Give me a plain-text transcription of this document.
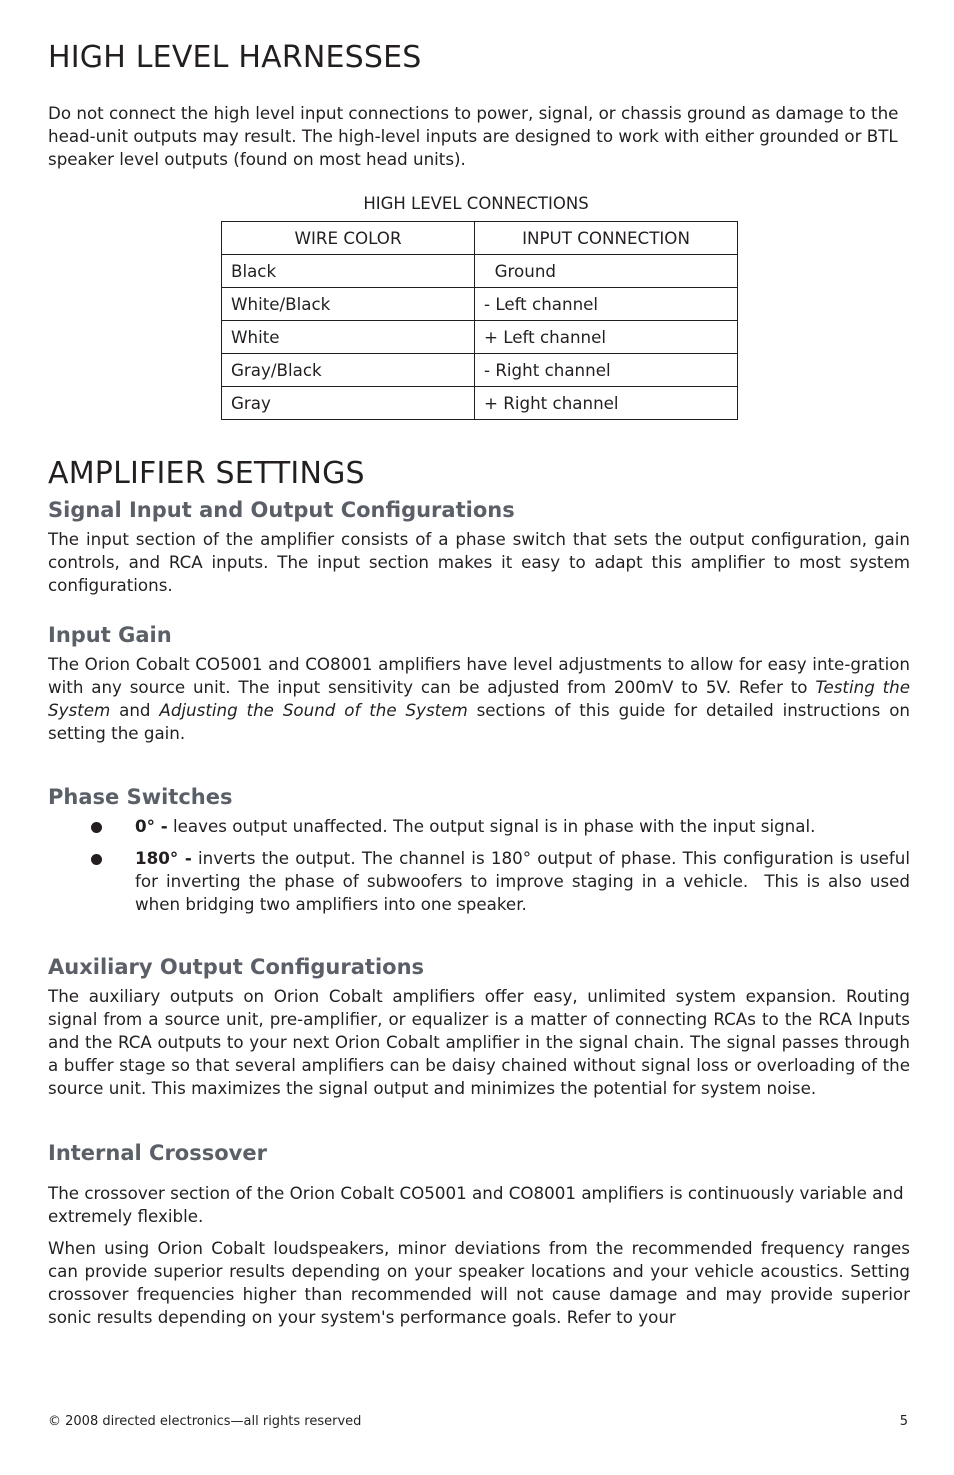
HIGH LEVEL HARNESSES

Do not connect the high level input connections to power, signal, or chassis ground as damage to the head-unit outputs may result. The high-level inputs are designed to work with either grounded or BTL speaker level outputs (found on most head units).

HIGH LEVEL CONNECTIONS
WIRE COLOR	INPUT CONNECTION
Black	Ground
White/Black	- Left channel
White	+ Left channel
Gray/Black	- Right channel
Gray	+ Right channel
AMPLIFIER SETTINGS
Signal Input and Output Configurations

The input section of the amplifier consists of a phase switch that sets the output configuration, gain controls, and RCA inputs. The input section makes it easy to adapt this amplifier to most system configurations.

Input Gain

The Orion Cobalt CO5001 and CO8001 amplifiers have level adjustments to allow for easy inte-gration with any source unit. The input sensitivity can be adjusted from 200mV to 5V. Refer to Testing the System and Adjusting the Sound of the System sections of this guide for detailed instructions on setting the gain.

Phase Switches
0° - leaves output unaffected. The output signal is in phase with the input signal.
180° - inverts the output. The channel is 180° output of phase. This configuration is useful for inverting the phase of subwoofers to improve staging in a vehicle.  This is also used when bridging two amplifiers into one speaker.
Auxiliary Output Configurations

The auxiliary outputs on Orion Cobalt amplifiers offer easy, unlimited system expansion. Routing signal from a source unit, pre-amplifier, or equalizer is a matter of connecting RCAs to the RCA Inputs and the RCA outputs to your next Orion Cobalt amplifier in the signal chain. The signal passes through a buffer stage so that several amplifiers can be daisy chained without signal loss or overloading of the source unit. This maximizes the signal output and minimizes the potential for system noise.

Internal Crossover

The crossover section of the Orion Cobalt CO5001 and CO8001 amplifiers is continuously variable and extremely flexible.

When using Orion Cobalt loudspeakers, minor deviations from the recommended frequency ranges can provide superior results depending on your speaker locations and your vehicle acoustics. Setting crossover frequencies higher than recommended will not cause damage and may provide superior sonic results depending on your system's performance goals. Refer to your

© 2008 directed electronics—all rights reserved	5
